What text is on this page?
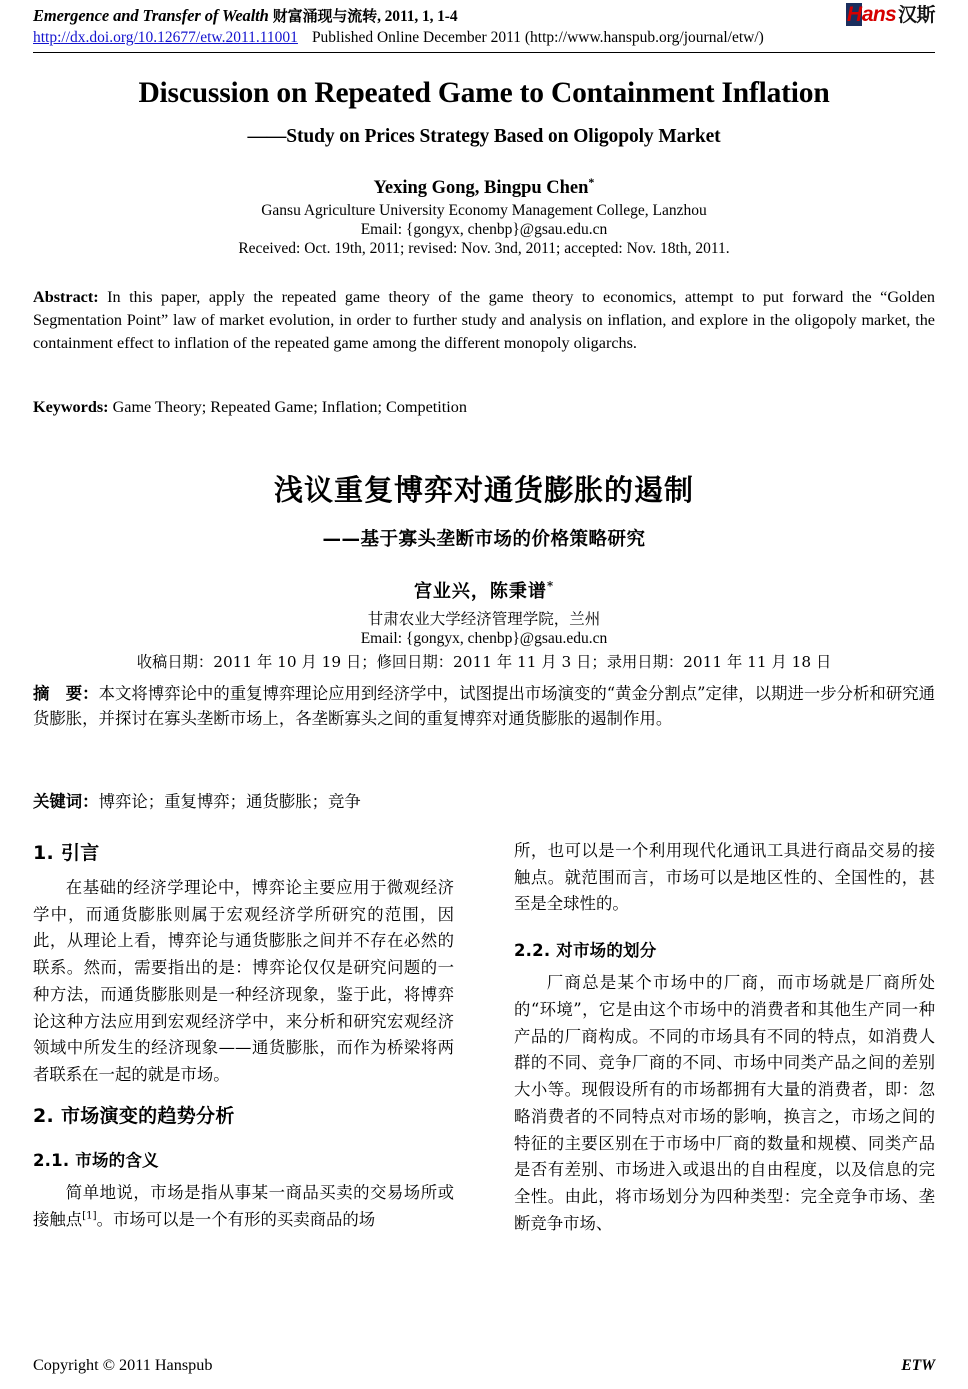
Emergence and Transfer of Wealth 财富涌现与流转, 2011, 1, 1-4	Hans 汉斯
http://dx.doi.org/10.12677/etw.2011.11001 Published Online December 2011 (http://www.hanspub.org/journal/etw/)
Discussion on Repeated Game to Containment Inflation
——Study on Prices Strategy Based on Oligopoly Market
Yexing Gong, Bingpu Chen*
Gansu Agriculture University Economy Management College, Lanzhou
Email: {gongyx, chenbp}@gsau.edu.cn
Received: Oct. 19th, 2011; revised: Nov. 3nd, 2011; accepted: Nov. 18th, 2011.
Abstract: In this paper, apply the repeated game theory of the game theory to economics, attempt to put forward the “Golden Segmentation Point” law of market evolution, in order to further study and analysis on inflation, and explore in the oligopoly market, the containment effect to inflation of the repeated game among the different monopoly oligarchs.
Keywords: Game Theory; Repeated Game; Inflation; Competition
浅议重复博弈对通货膨胀的遏制
——基于寡头垄断市场的价格策略研究
宫业兴，陈秉谱*
甘肃农业大学经济管理学院，兰州
Email: {gongyx, chenbp}@gsau.edu.cn
收稿日期：2011 年 10 月 19 日；修回日期：2011 年 11 月 3 日；录用日期：2011 年 11 月 18 日
摘　要：本文将博弈论中的重复博弈理论应用到经济学中，试图提出市场演变的“黄金分割点”定律，以期进一步分析和研究通货膨胀，并探讨在寡头垄断市场上，各垄断寡头之间的重复博弈对通货膨胀的遏制作用。
关键词：博弈论；重复博弈；通货膨胀；竞争
1. 引言

在基础的经济学理论中，博弈论主要应用于微观经济学中，而通货膨胀则属于宏观经济学所研究的范围，因此，从理论上看，博弈论与通货膨胀之间并不存在必然的联系。然而，需要指出的是：博弈论仅仅是研究问题的一种方法，而通货膨胀则是一种经济现象，鉴于此，将博弈论这种方法应用到宏观经济学中，来分析和研究宏观经济领域中所发生的经济现象——通货膨胀，而作为桥梁将两者联系在一起的就是市场。

2. 市场演变的趋势分析
2.1. 市场的含义

简单地说，市场是指从事某一商品买卖的交易场所或接触点[1]。市场可以是一个有形的买卖商品的场

所，也可以是一个利用现代化通讯工具进行商品交易的接触点。就范围而言，市场可以是地区性的、全国性的，甚至是全球性的。

2.2. 对市场的划分

厂商总是某个市场中的厂商，而市场就是厂商所处的“环境”，它是由这个市场中的消费者和其他生产同一种产品的厂商构成。不同的市场具有不同的特点，如消费人群的不同、竞争厂商的不同、市场中同类产品之间的差别大小等。现假设所有的市场都拥有大量的消费者，即：忽略消费者的不同特点对市场的影响，换言之，市场之间的特征的主要区别在于市场中厂商的数量和规模、同类产品是否有差别、市场进入或退出的自由程度，以及信息的完全性。由此，将市场划分为四种类型：完全竞争市场、垄断竞争市场、

Copyright © 2011 Hanspub	ETW
